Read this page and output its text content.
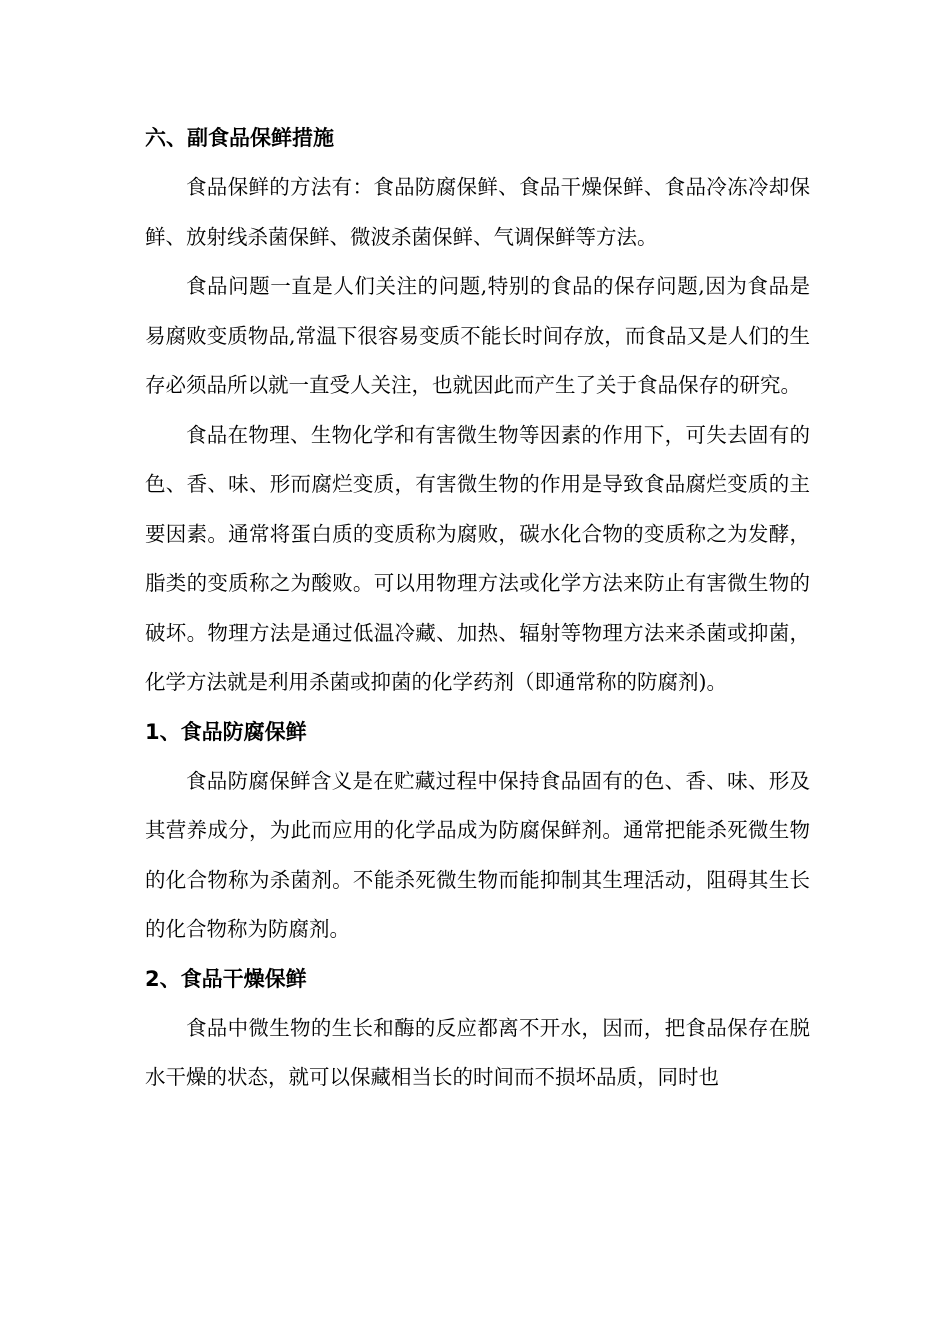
六、副食品保鲜措施

食品保鲜的方法有：食品防腐保鲜、食品干燥保鲜、食品冷冻冷却保鲜、放射线杀菌保鲜、微波杀菌保鲜、气调保鲜等方法。

食品问题一直是人们关注的问题,特别的食品的保存问题,因为食品是易腐败变质物品,常温下很容易变质不能长时间存放，而食品又是人们的生存必须品所以就一直受人关注，也就因此而产生了关于食品保存的研究。

食品在物理、生物化学和有害微生物等因素的作用下，可失去固有的色、香、味、形而腐烂变质，有害微生物的作用是导致食品腐烂变质的主要因素。通常将蛋白质的变质称为腐败，碳水化合物的变质称之为发酵，脂类的变质称之为酸败。可以用物理方法或化学方法来防止有害微生物的破坏。物理方法是通过低温冷藏、加热、辐射等物理方法来杀菌或抑菌，化学方法就是利用杀菌或抑菌的化学药剂（即通常称的防腐剂)。

1、食品防腐保鲜

食品防腐保鲜含义是在贮藏过程中保持食品固有的色、香、味、形及其营养成分，为此而应用的化学品成为防腐保鲜剂。通常把能杀死微生物的化合物称为杀菌剂。不能杀死微生物而能抑制其生理活动，阻碍其生长的化合物称为防腐剂。

2、食品干燥保鲜

食品中微生物的生长和酶的反应都离不开水，因而，把食品保存在脱水干燥的状态，就可以保藏相当长的时间而不损坏品质，同时也
